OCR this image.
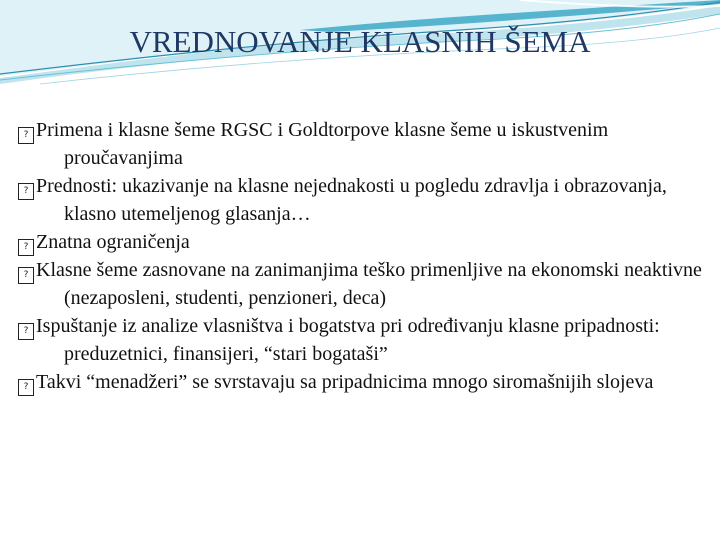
VREDNOVANJE KLASNIH ŠEMA
? Primena i klasne šeme RGSC i Goldtorpove klasne šeme u iskustvenim proučavanjima
? Prednosti: ukazivanje na klasne nejednakosti u pogledu zdravlja i obrazovanja, klasno utemeljenog glasanja…
? Znatna ograničenja
? Klasne šeme zasnovane na zanimanjima teško primenljive na ekonomski neaktivne (nezaposleni, studenti, penzioneri, deca)
? Ispuštanje iz analize vlasništva i bogatstva pri određivanju klasne pripadnosti: preduzetnici, finansijeri, “stari bogataši”
? Takvi “menadžeri” se svrstavaju sa pripadnicima mnogo siromašnijih slojeva
